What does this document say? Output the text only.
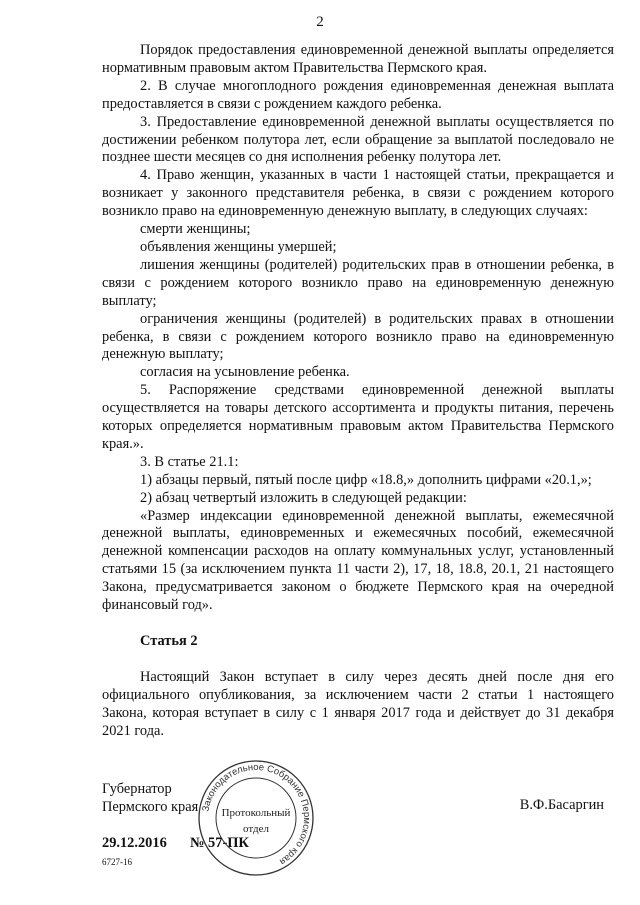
2

Порядок предоставления единовременной денежной выплаты определяется нормативным правовым актом Правительства Пермского края.

2. В случае многоплодного рождения единовременная денежная выплата предоставляется в связи с рождением каждого ребенка.

3. Предоставление единовременной денежной выплаты осуществляется по достижении ребенком полутора лет, если обращение за выплатой последовало не позднее шести месяцев со дня исполнения ребенку полутора лет.

4. Право женщин, указанных в части 1 настоящей статьи, прекращается и возникает у законного представителя ребенка, в связи с рождением которого возникло право на единовременную денежную выплату, в следующих случаях:

смерти женщины;

объявления женщины умершей;

лишения женщины (родителей) родительских прав в отношении ребенка, в связи с рождением которого возникло право на единовременную денежную выплату;

ограничения женщины (родителей) в родительских правах в отношении ребенка, в связи с рождением которого возникло право на единовременную денежную выплату;

согласия на усыновление ребенка.

5. Распоряжение средствами единовременной денежной выплаты осуществляется на товары детского ассортимента и продукты питания, перечень которых определяется нормативным правовым актом Правительства Пермского края.».

3. В статье 21.1:

1) абзацы первый, пятый после цифр «18.8,» дополнить цифрами «20.1,»;

2) абзац четвертый изложить в следующей редакции:

«Размер индексации единовременной денежной выплаты, ежемесячной денежной выплаты, единовременных и ежемесячных пособий, ежемесячной денежной компенсации расходов на оплату коммунальных услуг, установленный статьями 15 (за исключением пункта 11 части 2), 17, 18, 18.8, 20.1, 21 настоящего Закона, предусматривается законом о бюджете Пермского края на очередной финансовый год».

Статья 2

Настоящий Закон вступает в силу через десять дней после дня его официального опубликования, за исключением части 2 статьи 1 настоящего Закона, которая вступает в силу с 1 января 2017 года и действует до 31 декабря 2021 года.

Губернатор
Пермского края	В.Ф.Басаргин
29.12.2016 № 57-ПК
6727-16
Законодательное Собрание Пермского края
Протокольный
отдел
